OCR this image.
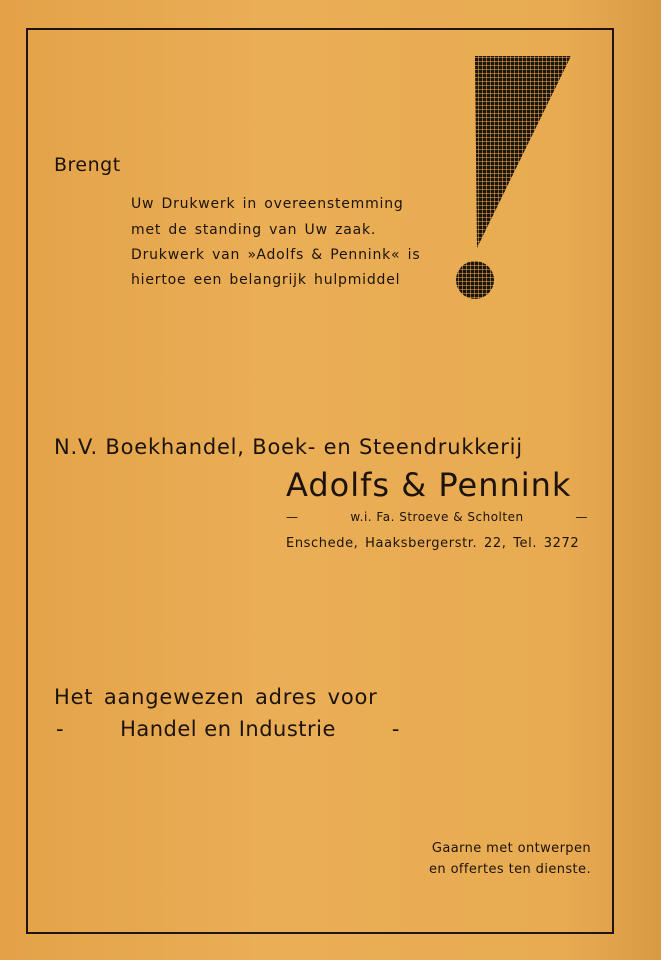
Brengt
Uw Drukwerk in overeenstemming
met de standing van Uw zaak.
Drukwerk van »Adolfs & Pennink« is
hiertoe een belangrijk hulpmiddel
N.V. Boekhandel, Boek- en Steendrukkerij
Adolfs & Pennink
—	w.i. Fa. Stroeve & Scholten	—
Enschede, Haaksbergerstr. 22, Tel. 3272
Het aangewezen adres voor
-	Handel en Industrie	-
Gaarne met ontwerpen
en offertes ten dienste.
